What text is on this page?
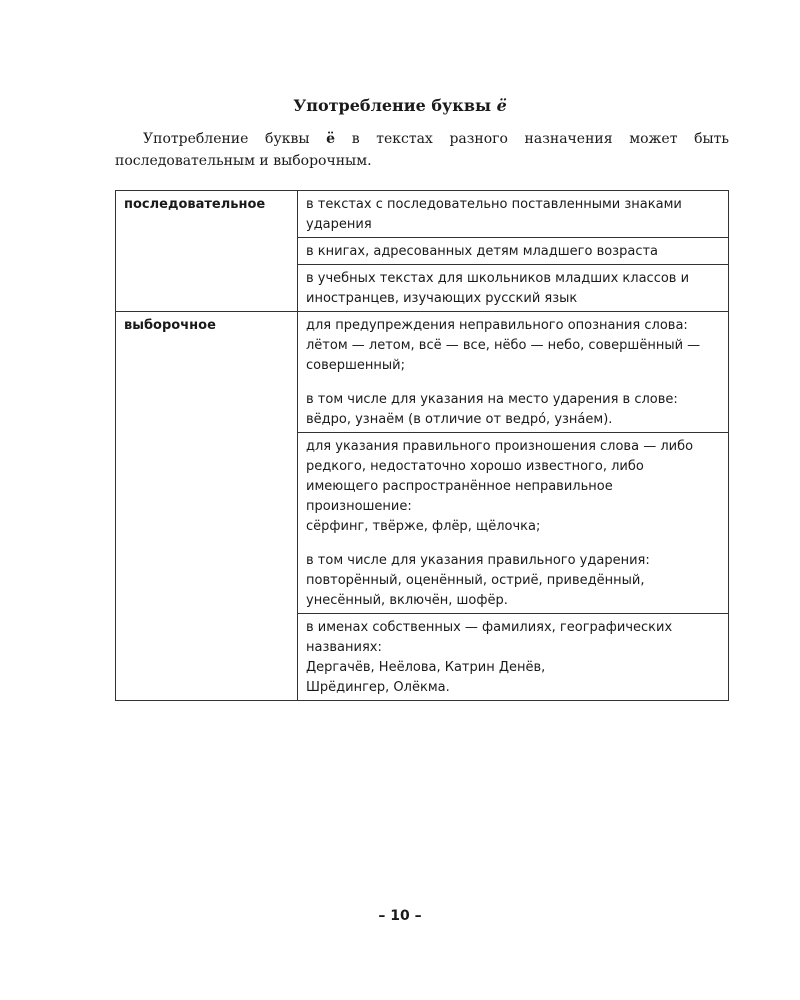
Употребление буквы ё
Употребление буквы ё в текстах разного назначения может быть последовательным и выборочным.
последовательное	в текстах с последовательно поставленными знаками ударения
	в книгах, адресованных детям младшего возраста
	в учебных текстах для школьников младших классов и иностранцев, изучающих русский язык
выборочное	для предупреждения неправильного опознания слова:
лётом — летом, всё — все, нёбо — небо, совершённый — совершенный;
в том числе для указания на место ударения в слове:
вёдро, узнаём (в отличие от ведро́, узна́ем).

	для указания правильного произношения слова — либо редкого, недостаточно хорошо известного, либо имеющего распространённое неправильное произношение:
сёрфинг, твёрже, флёр, щёлочка;
в том числе для указания правильного ударения:
повторённый, оценённый, остриё, приведённый, унесённый, включён, шофёр.

	в именах собственных — фамилиях, географических названиях:
Дергачёв, Неёлова, Катрин Денёв,
Шрёдингер, Олёкма.
– 10 –
